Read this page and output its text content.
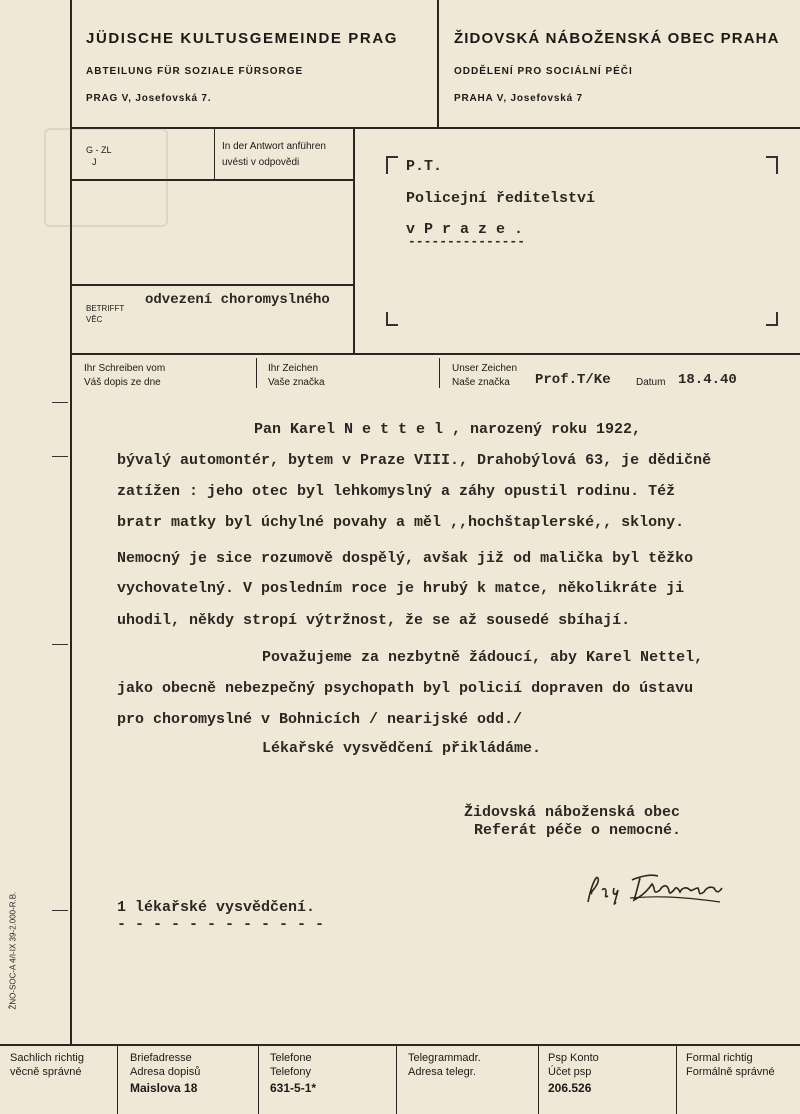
JÜDISCHE KULTUSGEMEINDE PRAG
ABTEILUNG FÜR SOZIALE FÜRSORGE
PRAG V, Josefovská 7.
ŽIDOVSKÁ NÁBOŽENSKÁ OBEC PRAHA
ODDĚLENÍ PRO SOCIÁLNÍ PÉČI
PRAHA V, Josefovská 7
G - ZL
J
In der Antwort anführen
uvésti v odpovědi
BETRIFFT
VĚC
odvezení choromyslného
P.T.
Policejní ředitelství
v P r a z e .
---------------
Ihr Schreiben vom
Váš dopis ze dne
Ihr Zeichen
Vaše značka
Unser Zeichen
Naše značka Prof.T/Ke	Datum 18.4.40
Pan Karel N e t t e l , narozený roku 1922,
bývalý automontér, bytem v Praze VIII., Drahobýlová 63, je dědičně
zatížen : jeho otec byl lehkomyslný a záhy opustil rodinu. Též
bratr matky byl úchylné povahy a měl ,,hochštaplerské,, sklony.
Nemocný je sice rozumově dospělý, avšak již od malička byl těžko
vychovatelný. V posledním roce je hrubý k matce, několikráte ji
uhodil, někdy stropí výtržnost, že se až sousedé sbíhají.
Považujeme za nezbytně žádoucí, aby Karel Nettel,
jako obecně nebezpečný psychopath byl policií dopraven do ústavu
pro choromyslné v Bohnicích / nearijské odd./
Lékařské vysvědčení přikládáme.
Židovská náboženská obec
Referát péče o nemocné.
1 lékařské vysvědčení.
- - - - - - - - - - - -
ŽNO-SOC-A 4/I-IX 39-2.000-R.B.
Sachlich richtig
věcně správné
Briefadresse
Adresa dopisů
Maislova 18
Telefone
Telefony
631-5-1*
Telegrammadr.
Adresa telegr.
Psp Konto
Účet psp
206.526
Formal richtig
Formálně správné
